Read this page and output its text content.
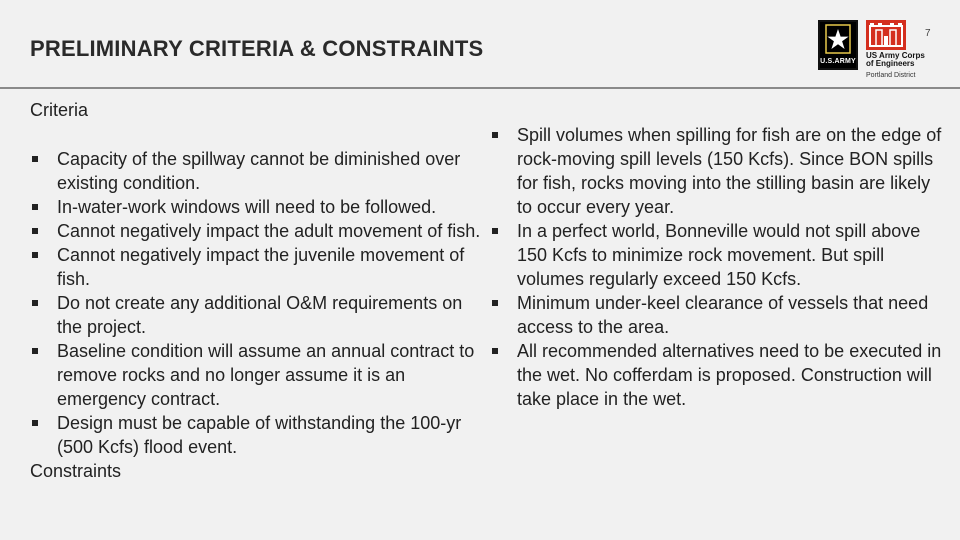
PRELIMINARY CRITERIA & CONSTRAINTS
7
U.S.ARMY
US Army Corps
of Engineers
Portland District
Criteria
Capacity of the spillway cannot be diminished over existing condition.
In-water-work windows will need to be followed.
Cannot negatively impact the adult movement of fish.
Cannot negatively impact the juvenile movement of fish.
Do not create any additional O&M requirements on the project.
Baseline condition will assume an annual contract to remove rocks and no longer assume it is an emergency contract.
Design must be capable of withstanding the 100-yr (500 Kcfs) flood event.
Constraints
Spill volumes when spilling for fish are on the edge of rock-moving spill levels (150 Kcfs). Since BON spills for fish, rocks moving into the stilling basin are likely to occur every year.
In a perfect world, Bonneville would not spill above 150 Kcfs to minimize rock movement. But spill volumes regularly exceed 150 Kcfs.
Minimum under-keel clearance of vessels that need access to the area.
All recommended alternatives need to be executed in the wet. No cofferdam is proposed. Construction will take place in the wet.
